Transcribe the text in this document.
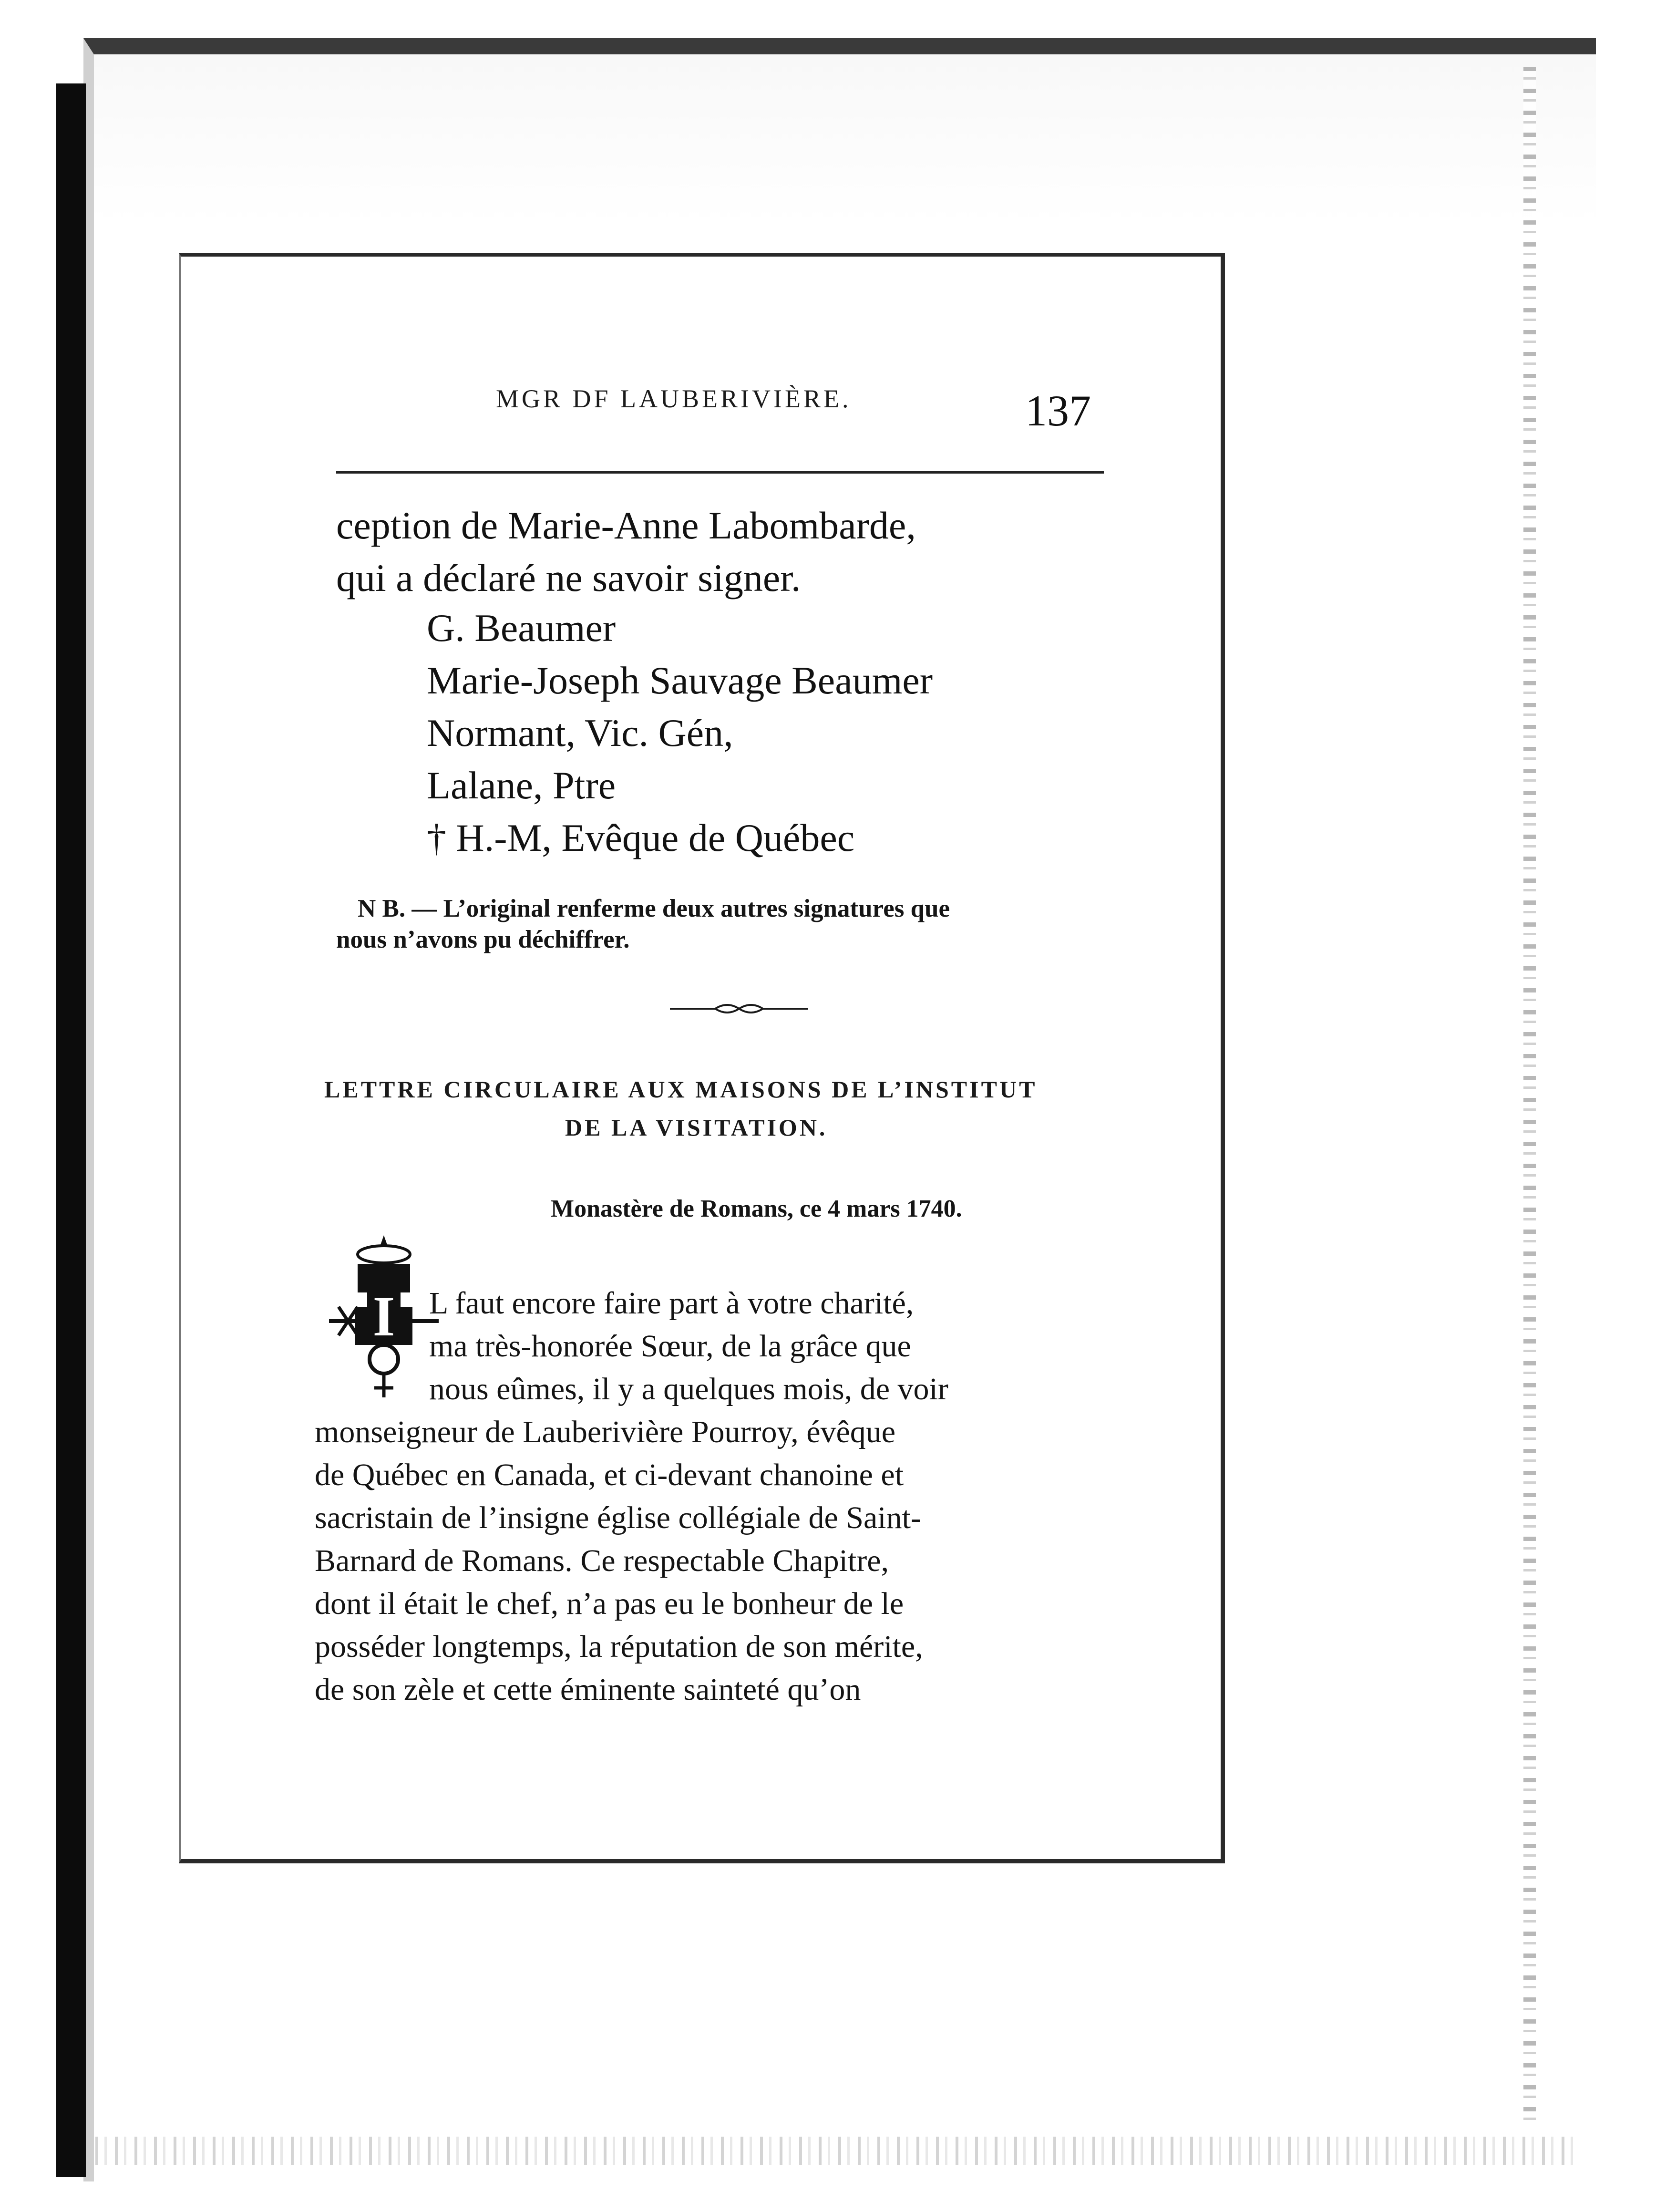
MGR DF LAUBERIVIÈRE.	137
ception de Marie-Anne Labombarde,
qui a déclaré ne savoir signer.
G. Beaumer
Marie-Joseph Sauvage Beaumer
Normant, Vic. Gén,
Lalane, Ptre
† H.-M, Evêque de Québec
N B. — L’original renferme deux autres signatures que
nous n’avons pu déchiffrer.
LETTRE CIRCULAIRE AUX MAISONS DE L’INSTITUT
DE LA VISITATION.
Monastère de Romans, ce 4 mars 1740.
I L faut encore faire part à votre charité,
ma très-honorée Sœur, de la grâce que
nous eûmes, il y a quelques mois, de voir
monseigneur de Lauberivière Pourroy, évêque
de Québec en Canada, et ci-devant chanoine et
sacristain de l’insigne église collégiale de Saint-
Barnard de Romans. Ce respectable Chapitre,
dont il était le chef, n’a pas eu le bonheur de le
posséder longtemps, la réputation de son mérite,
de son zèle et cette éminente sainteté qu’on
